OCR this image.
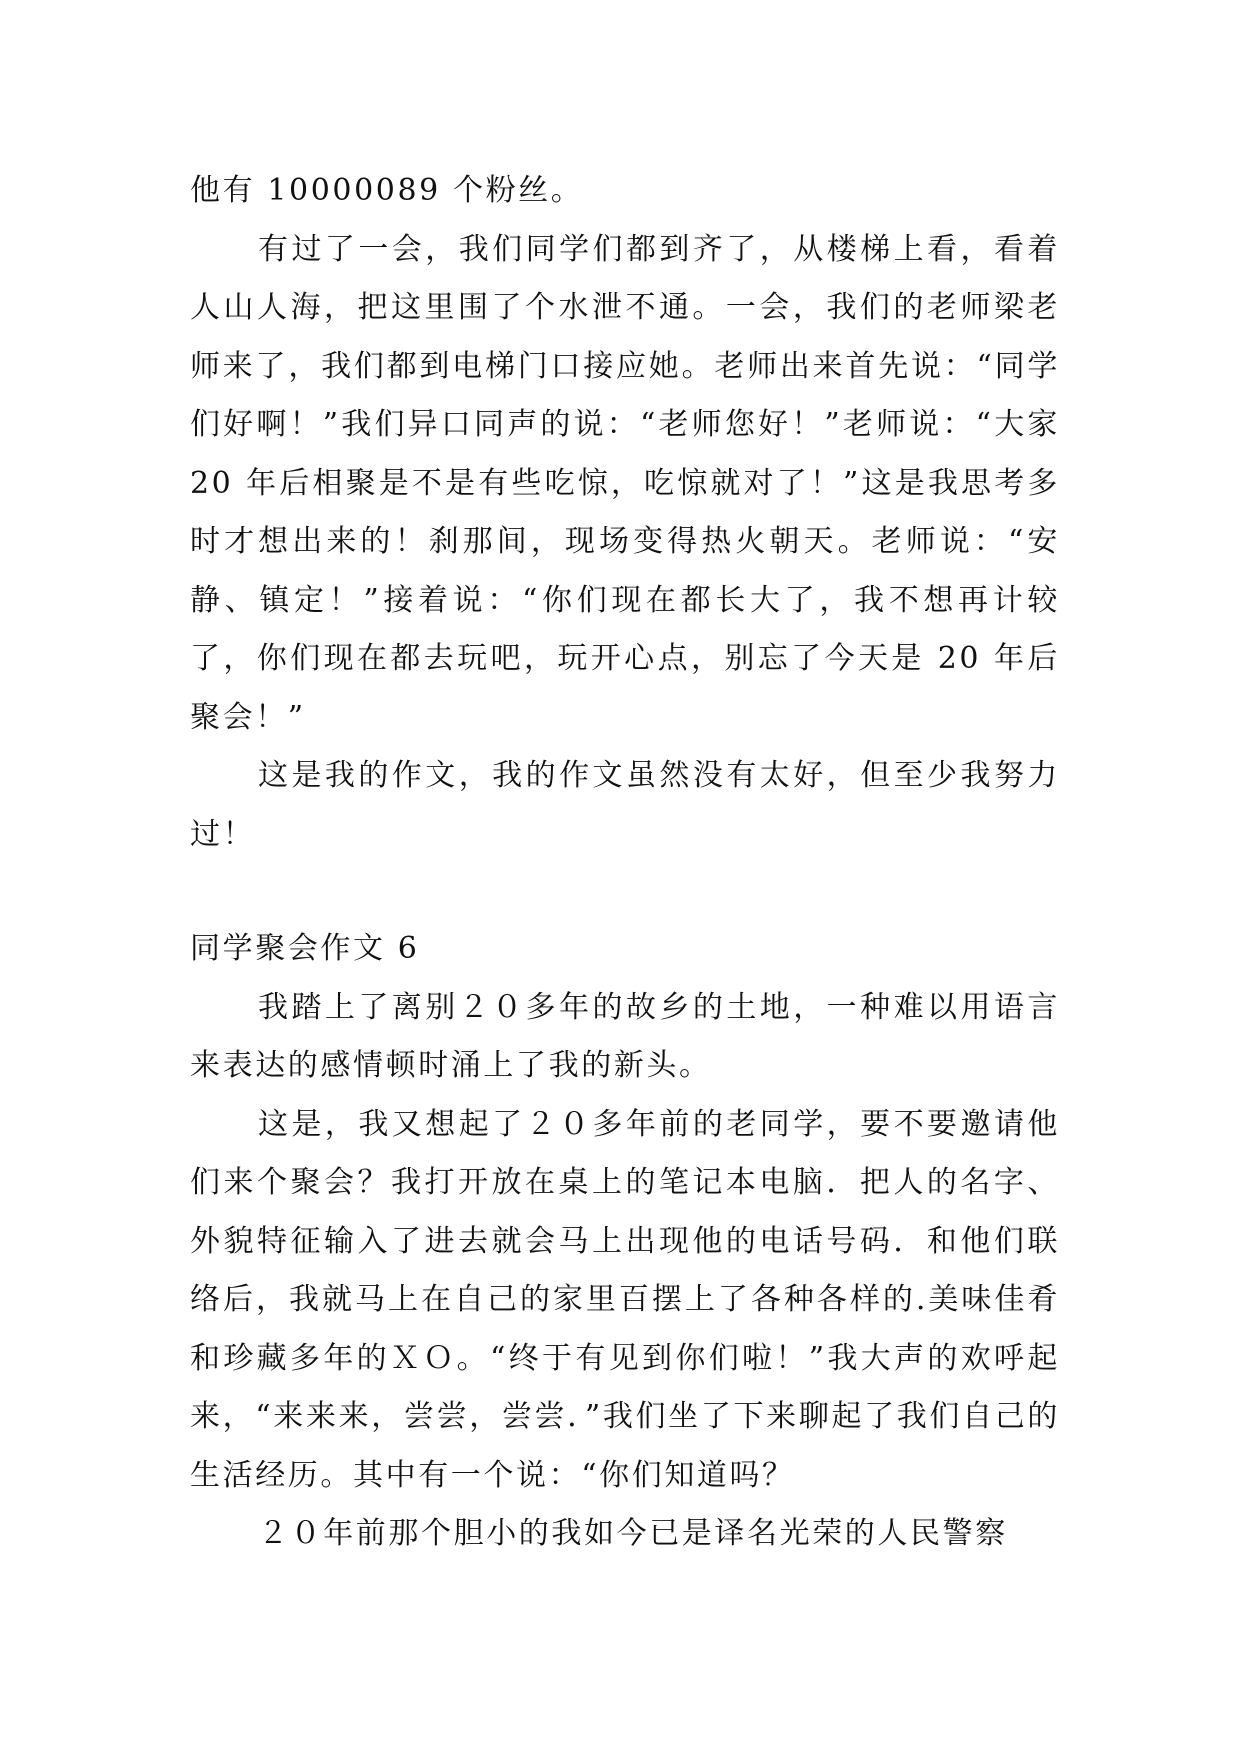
他有 10000089 个粉丝。

有过了一会，我们同学们都到齐了，从楼梯上看，看着人山人海，把这里围了个水泄不通。一会，我们的老师梁老师来了，我们都到电梯门口接应她。老师出来首先说：“同学们好啊！”我们异口同声的说：“老师您好！”老师说：“大家 20 年后相聚是不是有些吃惊，吃惊就对了！”这是我思考多时才想出来的！刹那间，现场变得热火朝天。老师说：“安静、镇定！”接着说：“你们现在都长大了，我不想再计较了，你们现在都去玩吧，玩开心点，别忘了今天是 20 年后聚会！”

这是我的作文，我的作文虽然没有太好，但至少我努力过！

同学聚会作文 6

我踏上了离别２０多年的故乡的土地，一种难以用语言来表达的感情顿时涌上了我的新头。

这是，我又想起了２０多年前的老同学，要不要邀请他们来个聚会？我打开放在桌上的笔记本电脑．把人的名字、外貌特征输入了进去就会马上出现他的电话号码．和他们联络后，我就马上在自己的家里百摆上了各种各样的.美味佳肴和珍藏多年的ＸＯ。“终于有见到你们啦！”我大声的欢呼起来，“来来来，尝尝，尝尝．”我们坐了下来聊起了我们自己的生活经历。其中有一个说：“你们知道吗？

２０年前那个胆小的我如今已是译名光荣的人民警察
